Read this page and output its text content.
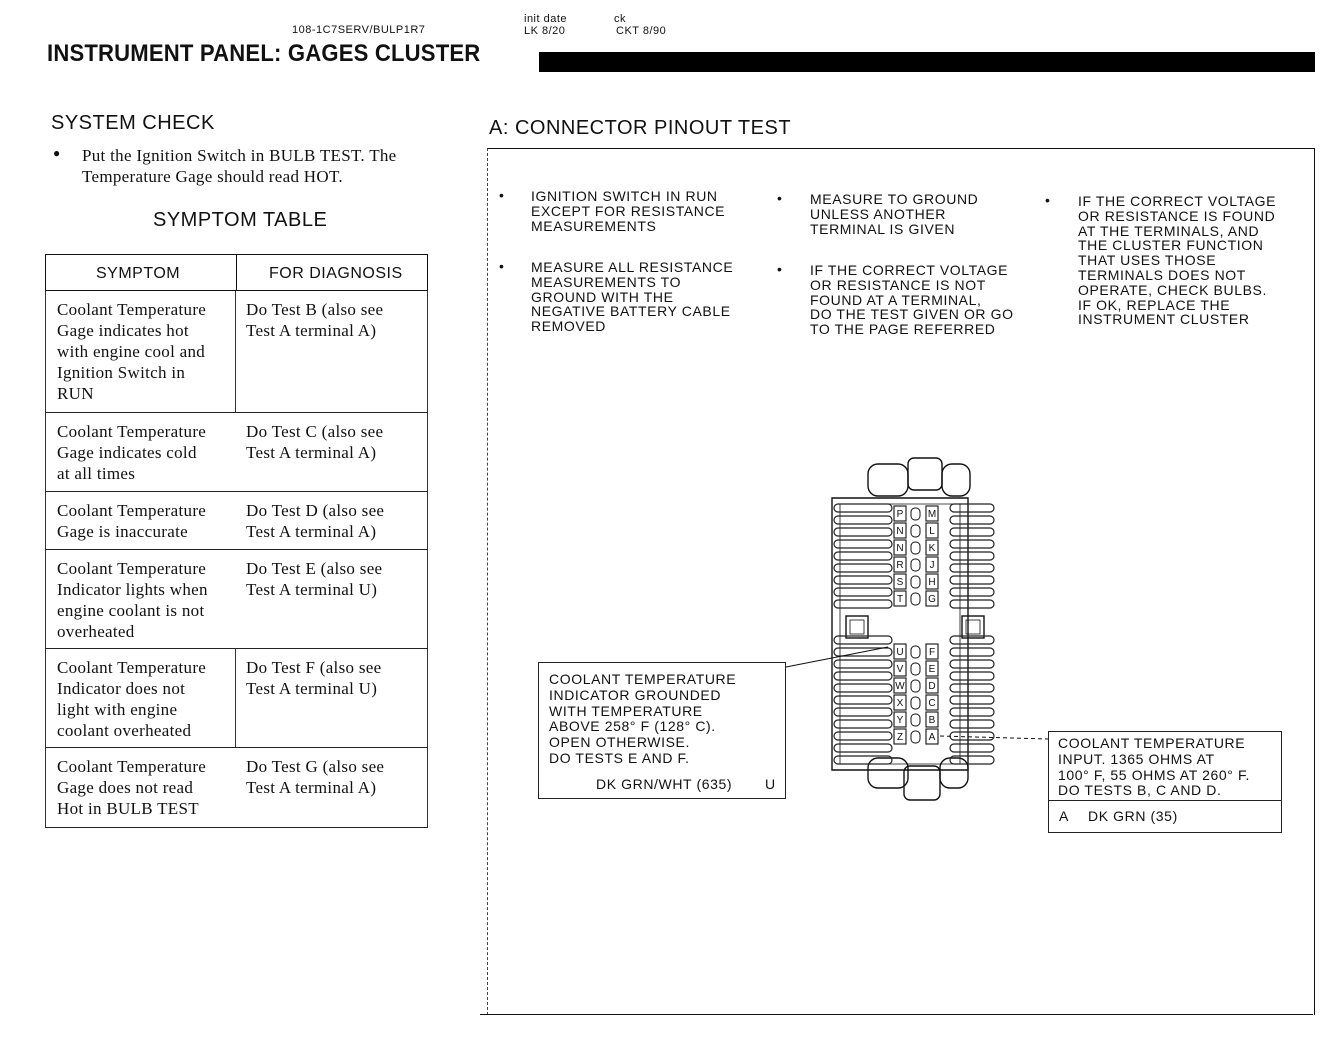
108-1C7SERV/BULP1R7
init date
LK 8/20
ck
CKT 8/90
INSTRUMENT PANEL: GAGES CLUSTER
SYSTEM CHECK
● Put the Ignition Switch in BULB TEST. The
Temperature Gage should read HOT.
SYMPTOM TABLE
SYMPTOM	FOR DIAGNOSIS
Coolant Temperature
Gage indicates hot
with engine cool and
Ignition Switch in
RUN
Do Test B (also see
Test A terminal A)
Coolant Temperature
Gage indicates cold
at all times
Do Test C (also see
Test A terminal A)
Coolant Temperature
Gage is inaccurate
Do Test D (also see
Test A terminal A)
Coolant Temperature
Indicator lights when
engine coolant is not
overheated
Do Test E (also see
Test A terminal U)
Coolant Temperature
Indicator does not
light with engine
coolant overheated
Do Test F (also see
Test A terminal U)
Coolant Temperature
Gage does not read
Hot in BULB TEST
Do Test G (also see
Test A terminal A)
A: CONNECTOR PINOUT TEST
• IGNITION SWITCH IN RUN
EXCEPT FOR RESISTANCE
MEASUREMENTS
• MEASURE ALL RESISTANCE
MEASUREMENTS TO
GROUND WITH THE
NEGATIVE BATTERY CABLE
REMOVED
• MEASURE TO GROUND
UNLESS ANOTHER
TERMINAL IS GIVEN
• IF THE CORRECT VOLTAGE
OR RESISTANCE IS NOT
FOUND AT A TERMINAL,
DO THE TEST GIVEN OR GO
TO THE PAGE REFERRED
• IF THE CORRECT VOLTAGE
OR RESISTANCE IS FOUND
AT THE TERMINALS, AND
THE CLUSTER FUNCTION
THAT USES THOSE
TERMINALS DOES NOT
OPERATE, CHECK BULBS.
IF OK, REPLACE THE
INSTRUMENT CLUSTER
P
N
N
R
S
T
U
V
W
X
Y
Z
M
L
K
J
H
G
F
E
D
C
B
A
COOLANT TEMPERATURE
INDICATOR GROUNDED
WITH TEMPERATURE
ABOVE 258° F (128° C).
OPEN OTHERWISE.
DO TESTS E AND F.
DK GRN/WHT (635) U
COOLANT TEMPERATURE
INPUT. 1365 OHMS AT
100° F, 55 OHMS AT 260° F.
DO TESTS B, C AND D.
A DK GRN (35)
